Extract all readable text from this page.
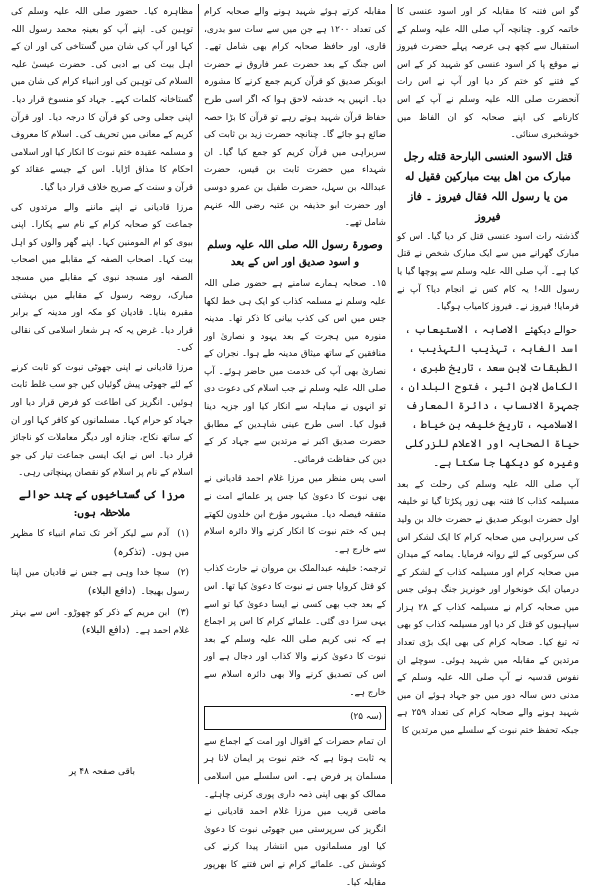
گو اس فتنہ کا مقابلہ کر اور اسود عنسی کا خاتمہ کرو۔ چنانچہ آپ صلی اللہ علیہ وسلم کے استقبال سے کچھ ہی عرصہ پہلے حضرت فیروز نے موقع پا کر اسود عنسی کو شہید کر کے اس کے فتنے کو ختم کر دیا اور آپ نے اس رات آنحضرت صلی اللہ علیہ وسلم نے آپ کے اس کارنامے کی اپنے صحابہ کو ان الفاظ میں خوشخبری سنائی۔

قتل الاسود العنسی البارحة قتله رجل مبارک من اهل بیت مبارکین فقیل له من یا رسول اللہ فقال فیروز ۔ فاز فیروز

گذشتہ رات اسود عنسی قتل کر دیا گیا۔ اس کو مبارک گھرانے میں سے ایک مبارک شخص نے قتل کیا ہے۔ آپ صلی اللہ علیہ وسلم سے پوچھا گیا یا رسول اللہ! یہ کام کس نے انجام دیا؟ آپ نے فرمایا! فیروز نے۔ فیروز کامیاب ہوگیا۔

حوالے دیکھئے الاصابہ ، الاستیعاب ، اسد الغابہ ، تہذیب التہذیب ، الطبقات لابن سعد ، تاریخ طبری ، الکامل لابن اثیر ، فتوح البلدان ، جمہرۃ الانساب ، دائرۃ المعارف الاسلامیہ ، تاریخ خلیفہ بن خیاط ، حیاۃ الصحابہ اور الاعلام للزرکلی وغیرہ کو دیکھا جا سکتا ہے۔

آپ صلی اللہ علیہ وسلم کی رحلت کے بعد مسیلمہ کذاب کا فتنہ بھی زور پکڑتا گیا تو خلیفہ اول حضرت ابوبکر صدیق نے حضرت خالد بن ولید کی سربراہی میں صحابہ کرام کا ایک لشکر اس کی سرکوبی کے لئے روانہ فرمایا۔ یمامہ کے میدان میں صحابہ کرام اور مسیلمہ کذاب کے لشکر کے درمیان ایک خونخوار اور خونریز جنگ ہوئی جس میں صحابہ کرام نے مسیلمہ کذاب کے ۲۸ ہزار سپاہیوں کو قتل کر دیا اور مسیلمہ کذاب کو بھی تہ تیغ کیا۔ صحابہ کرام کی بھی ایک بڑی تعداد مرتدین کے مقابلہ میں شہید ہوئی۔ سوچئے ان نفوس قدسیہ نے آپ صلی اللہ علیہ وسلم کے مدنی دس سالہ دور میں جو جہاد ہوئے ان میں شہید ہونے والے صحابہ کرام کی تعداد ۲۵۹ ہے جبکہ تحفظ ختم نبوت کے سلسلے میں مرتدین کا

مقابلہ کرتے ہوئے شہید ہونے والے صحابہ کرام کی تعداد ۱۲۰۰ ہے جن میں سے سات سو بدری، قاری، اور حافظ صحابہ کرام بھی شامل تھے۔ اس جنگ کے بعد حضرت عمر فاروق نے حضرت ابوبکر صدیق کو قرآن کریم جمع کرنے کا مشورہ دیا۔ انہیں یہ خدشہ لاحق ہوا کہ اگر اسی طرح حفاظ قرآن شہید ہوتے رہے تو قرآن کا بڑا حصہ ضائع ہو جائے گا۔ چنانچہ حضرت زید بن ثابت کی سربراہی میں قرآن کریم کو جمع کیا گیا۔ ان شہداء میں حضرت ثابت بن قیس، حضرت عبداللہ بن سہل، حضرت طفیل بن عمرو دوسی اور حضرت ابو حذیفہ بن عتبہ رضی اللہ عنہم شامل تھے۔

وصورۃ رسول اللہ صلی اللہ علیہ وسلم و اسود صدیق اور اس کے بعد

۱۵۔ صحابہ ہمارے سامنے ہے حضور صلی اللہ علیہ وسلم نے مسلمہ کذاب کو ایک ہی خط لکھا جس میں اس کی کذب بیانی کا ذکر تھا۔ مدینہ منورہ میں ہجرت کے بعد یہود و نصاریٰ اور منافقین کے ساتھ میثاق مدینہ طے ہوا۔ نجران کے نصاریٰ بھی آپ کی خدمت میں حاضر ہوئے۔ آپ صلی اللہ علیہ وسلم نے جب اسلام کی دعوت دی تو انہوں نے مباہلہ سے انکار کیا اور جزیہ دینا قبول کیا۔ اسی طرح عینی شاہدین کے مطابق حضرت صدیق اکبر نے مرتدین سے جہاد کر کے دین کی حفاظت فرمائی۔

اسی پس منظر میں مرزا غلام احمد قادیانی نے بھی نبوت کا دعویٰ کیا جس پر علمائے امت نے متفقہ فیصلہ دیا۔ مشہور مؤرخ ابن خلدون لکھتے ہیں کہ ختم نبوت کا انکار کرنے والا دائرہ اسلام سے خارج ہے۔

ترجمہ: خلیفہ عبدالملک بن مروان نے حارث کذاب کو قتل کروایا جس نے نبوت کا دعویٰ کیا تھا۔ اس کے بعد جب بھی کسی نے ایسا دعویٰ کیا تو اسے یہی سزا دی گئی۔ علمائے کرام کا اس پر اجماع ہے کہ نبی کریم صلی اللہ علیہ وسلم کے بعد نبوت کا دعویٰ کرنے والا کذاب اور دجال ہے اور اس کی تصدیق کرنے والا بھی دائرہ اسلام سے خارج ہے۔

(سہ ۲۵)

ان تمام حضرات کے اقوال اور امت کے اجماع سے یہ ثابت ہوتا ہے کہ ختم نبوت پر ایمان لانا ہر مسلمان پر فرض ہے۔ اس سلسلے میں اسلامی ممالک کو بھی اپنی ذمہ داری پوری کرنی چاہئے۔ ماضی قریب میں مرزا غلام احمد قادیانی نے انگریز کی سرپرستی میں جھوٹی نبوت کا دعویٰ کیا اور مسلمانوں میں انتشار پیدا کرنے کی کوشش کی۔ علمائے کرام نے اس فتنے کا بھرپور مقابلہ کیا۔

مظاہرہ کیا۔ حضور صلی اللہ علیہ وسلم کی توہین کی۔ اپنے آپ کو بعینہٖ محمد رسول اللہ کہا اور آپ کی شان میں گستاخی کی اور ان کے اہل بیت کی بے ادبی کی۔ حضرت عیسیٰ علیہ السلام کی توہین کی اور انبیاء کرام کی شان میں گستاخانہ کلمات کہے۔ جہاد کو منسوخ قرار دیا۔ اپنی جعلی وحی کو قرآن کا درجہ دیا۔ اور قرآن کریم کے معانی میں تحریف کی۔ اسلام کا معروف و مسلمہ عقیدہ ختم نبوت کا انکار کیا اور اسلامی احکام کا مذاق اڑایا۔ اس کے جیسے عقائد کو قرآن و سنت کے صریح خلاف قرار دیا گیا۔

مرزا قادیانی نے اپنے ماننے والے مرتدوں کی جماعت کو صحابہ کرام کے نام سے پکارا۔ اپنی بیوی کو ام المومنین کہا۔ اپنے گھر والوں کو اہل بیت کہا۔ اصحاب الصفہ کے مقابلے میں اصحاب الصفہ اور مسجد نبوی کے مقابلے میں مسجد مبارک، روضہ رسول کے مقابلے میں بہشتی مقبرہ بنایا۔ قادیان کو مکہ اور مدینہ کے برابر قرار دیا۔ غرض یہ کہ ہر شعار اسلامی کی نقالی کی۔

مرزا قادیانی نے اپنی جھوٹی نبوت کو ثابت کرنے کے لئے جھوٹی پیش گوئیاں کیں جو سب غلط ثابت ہوئیں۔ انگریز کی اطاعت کو فرض قرار دیا اور جہاد کو حرام کہا۔ مسلمانوں کو کافر کہا اور ان کے ساتھ نکاح، جنازہ اور دیگر معاملات کو ناجائز قرار دیا۔ اس نے ایک ایسی جماعت تیار کی جو اسلام کے نام پر اسلام کو نقصان پہنچاتی رہی۔

مرزا کی گستاخیوں کے چند حوالے ملاحظہ ہوں:
(۱) آدم سے لیکر آخر تک تمام انبیاء کا مظہر میں ہوں۔ (تذکرہ)
(۲) سچا خدا وہی ہے جس نے قادیان میں اپنا رسول بھیجا۔ (دافع البلاء)
(۳) ابن مریم کے ذکر کو چھوڑو۔ اس سے بہتر غلام احمد ہے۔ (دافع البلاء)
باقی صفحہ ۴۸ پر
